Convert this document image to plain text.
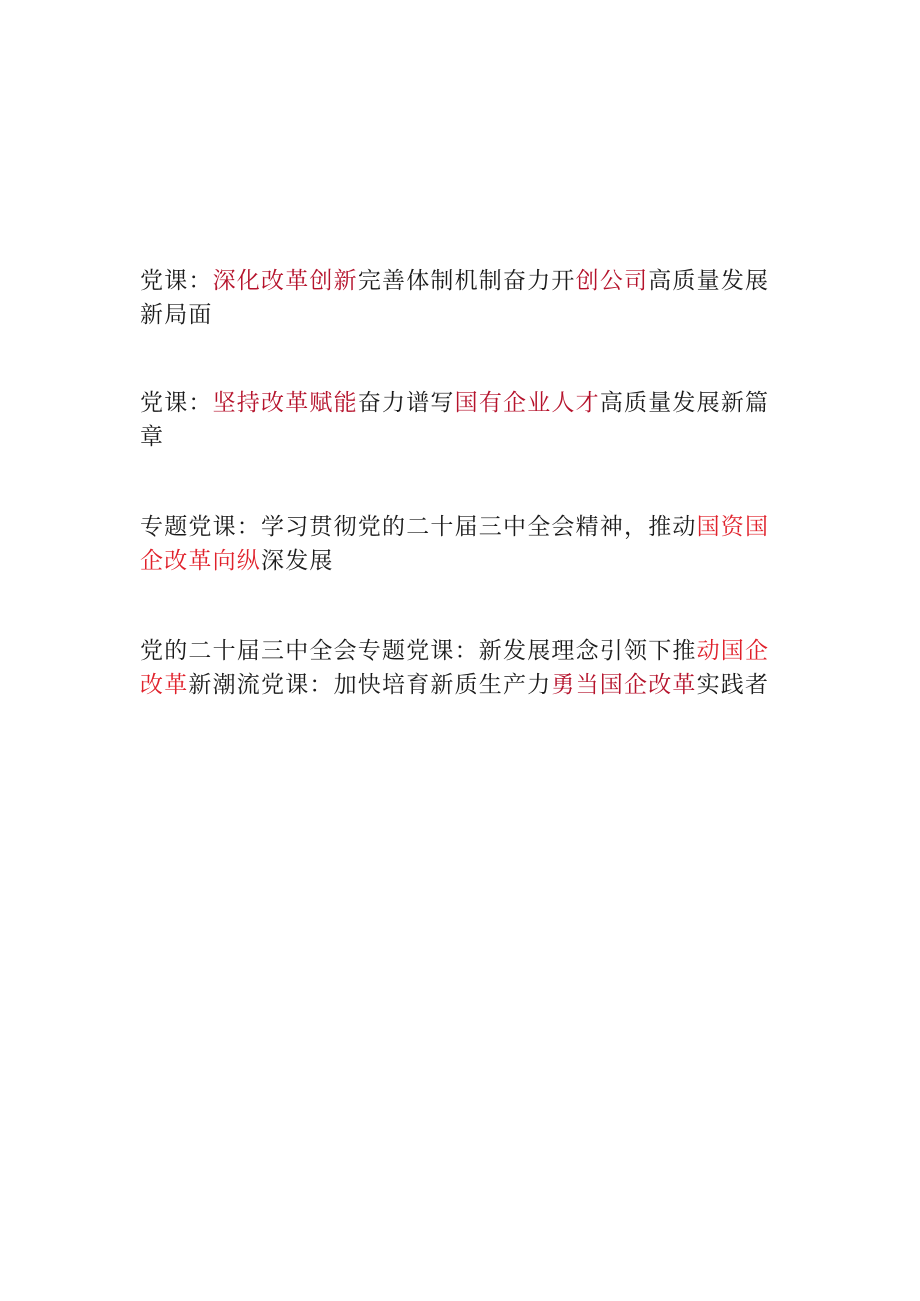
党课：深化改革创新完善体制机制奋力开创公司高质量发展新局面

党课：坚持改革赋能奋力谱写国有企业人才高质量发展新篇章

专题党课：学习贯彻党的二十届三中全会精神，推动国资国企改革向纵深发展

党的二十届三中全会专题党课：新发展理念引领下推动国企改革新潮流党课：加快培育新质生产力勇当国企改革实践者
